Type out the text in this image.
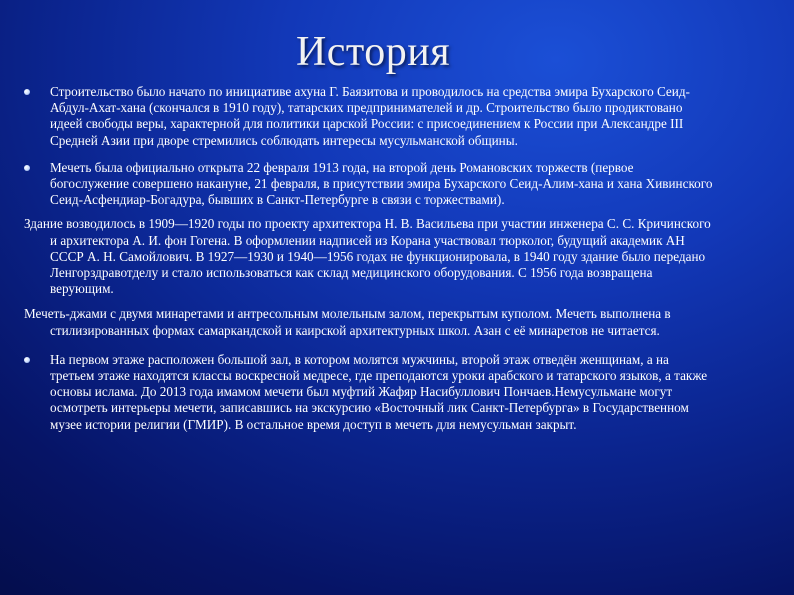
История
Строительство было начато по инициативе ахуна Г. Баязитова и проводилось на средства эмира Бухарского Сеид-Абдул-Ахат-хана (скончался в 1910 году), татарских предпринимателей и др. Строительство было продиктовано идеей свободы веры, характерной для политики царской России: с присоединением к России при Александре III Средней Азии при дворе стремились соблюдать интересы мусульманской общины.
Мечеть была официально открыта 22 февраля 1913 года, на второй день Романовских торжеств (первое богослужение совершено накануне, 21 февраля, в присутствии эмира Бухарского Сеид-Алим-хана и хана Хивинского Сеид-Асфендиар-Богадура, бывших в Санкт-Петербурге в связи с торжествами).
Здание возводилось в 1909—1920 годы по проекту архитектора Н. В. Васильева при участии инженера С. С. Кричинского и архитектора А. И. фон Гогена. В оформлении надписей из Корана участвовал тюрколог, будущий академик АН СССР А. Н. Самойлович. В 1927—1930 и 1940—1956 годах не функционировала, в 1940 году здание было передано Ленгорздравотделу и стало использоваться как склад медицинского оборудования. С 1956 года возвращена верующим.
Мечеть-джами с двумя минаретами и антресольным молельным залом, перекрытым куполом. Мечеть выполнена в стилизированных формах самаркандской и каирской архитектурных школ. Азан с её минаретов не читается.
На первом этаже расположен большой зал, в котором молятся мужчины, второй этаж отведён женщинам, а на третьем этаже находятся классы воскресной медресе, где преподаются уроки арабского и татарского языков, а также основы ислама. До 2013 года имамом мечети был муфтий Жафяр Насибуллович Пончаев.Немусульмане могут осмотреть интерьеры мечети, записавшись на экскурсию «Восточный лик Санкт-Петербурга» в Государственном музее истории религии (ГМИР). В остальное время доступ в мечеть для немусульман закрыт.
